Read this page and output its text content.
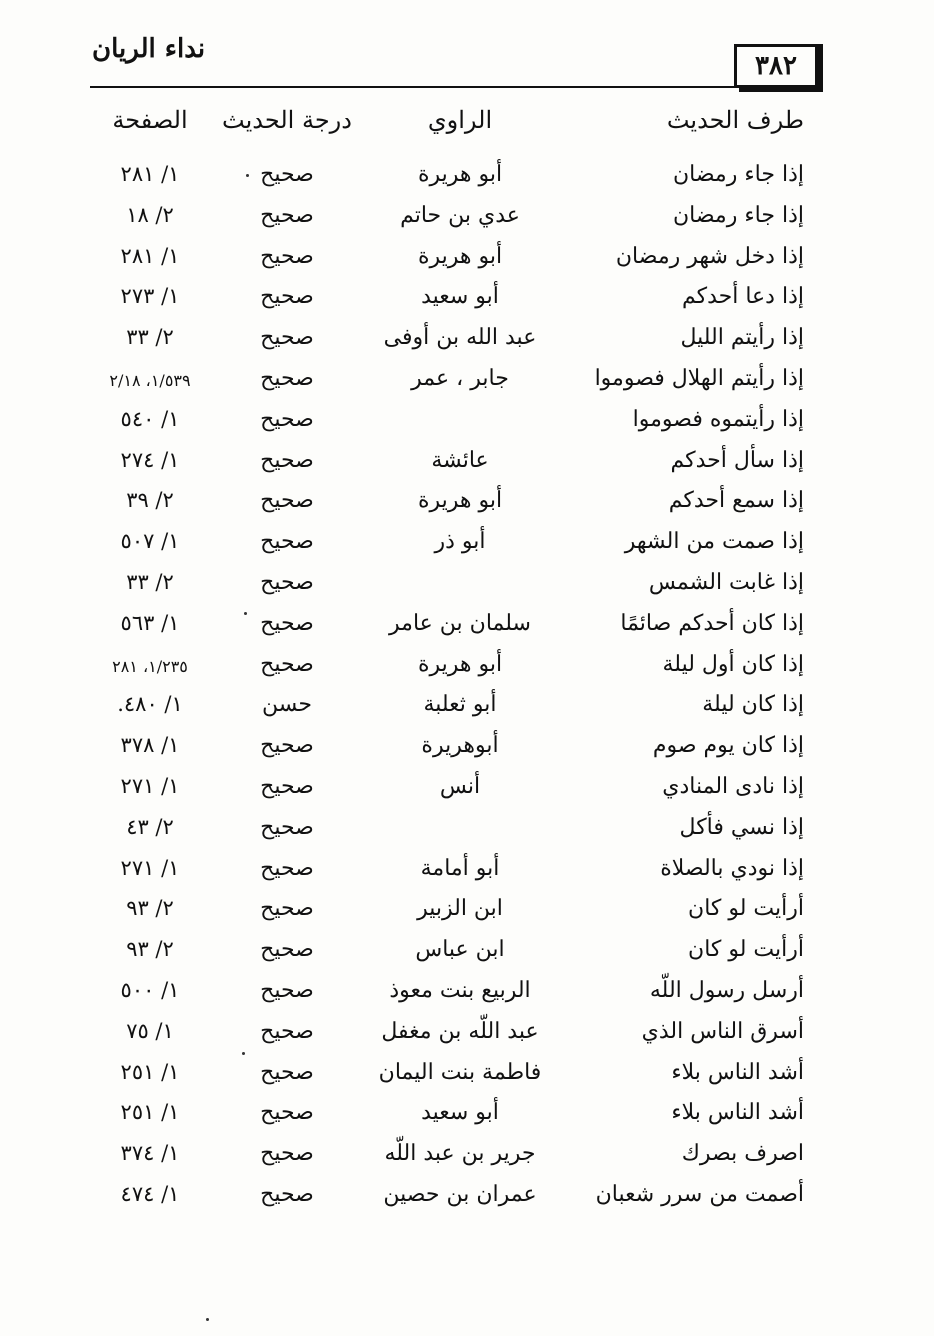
نداء الريان
٣٨٢
طرف الحديث
الراوي
درجة الحديث
الصفحة
إذا جاء رمضان
أبو هريرة
صحيح
١/ ٢٨١
إذا جاء رمضان
عدي بن حاتم
صحيح
٢/ ١٨
إذا دخل شهر رمضان
أبو هريرة
صحيح
١/ ٢٨١
إذا دعا أحدكم
أبو سعيد
صحيح
١/ ٢٧٣
إذا رأيتم الليل
عبد الله بن أوفى
صحيح
٢/ ٣٣
إذا رأيتم الهلال فصوموا
جابر ، عمر
صحيح
١/٥٣٩، ٢/١٨
إذا رأيتموه فصوموا
صحيح
١/ ٥٤٠
إذا سأل أحدكم
عائشة
صحيح
١/ ٢٧٤
إذا سمع أحدكم
أبو هريرة
صحيح
٢/ ٣٩
إذا صمت من الشهر
أبو ذر
صحيح
١/ ٥٠٧
إذا غابت الشمس
صحيح
٢/ ٣٣
إذا كان أحدكم صائمًا
سلمان بن عامر
صحيح
١/ ٥٦٣
إذا كان أول ليلة
أبو هريرة
صحيح
١/٢٣٥، ٢٨١
إذا كان ليلة
أبو ثعلبة
حسن
١/ ٤٨٠.
إذا كان يوم صوم
أبوهريرة
صحيح
١/ ٣٧٨
إذا نادى المنادي
أنس
صحيح
١/ ٢٧١
إذا نسي فأكل
صحيح
٢/ ٤٣
إذا نودي بالصلاة
أبو أمامة
صحيح
١/ ٢٧١
أرأيت لو كان
ابن الزبير
صحيح
٢/ ٩٣
أرأيت لو كان
ابن عباس
صحيح
٢/ ٩٣
أرسل رسول اللّه
الربيع بنت معوذ
صحيح
١/ ٥٠٠
أسرق الناس الذي
عبد اللّه بن مغفل
صحيح
١/ ٧٥
أشد الناس بلاء
فاطمة بنت اليمان
صحيح
١/ ٢٥١
أشد الناس بلاء
أبو سعيد
صحيح
١/ ٢٥١
اصرف بصرك
جرير بن عبد اللّه
صحيح
١/ ٣٧٤
أصمت من سرر شعبان
عمران بن حصين
صحيح
١/ ٤٧٤
